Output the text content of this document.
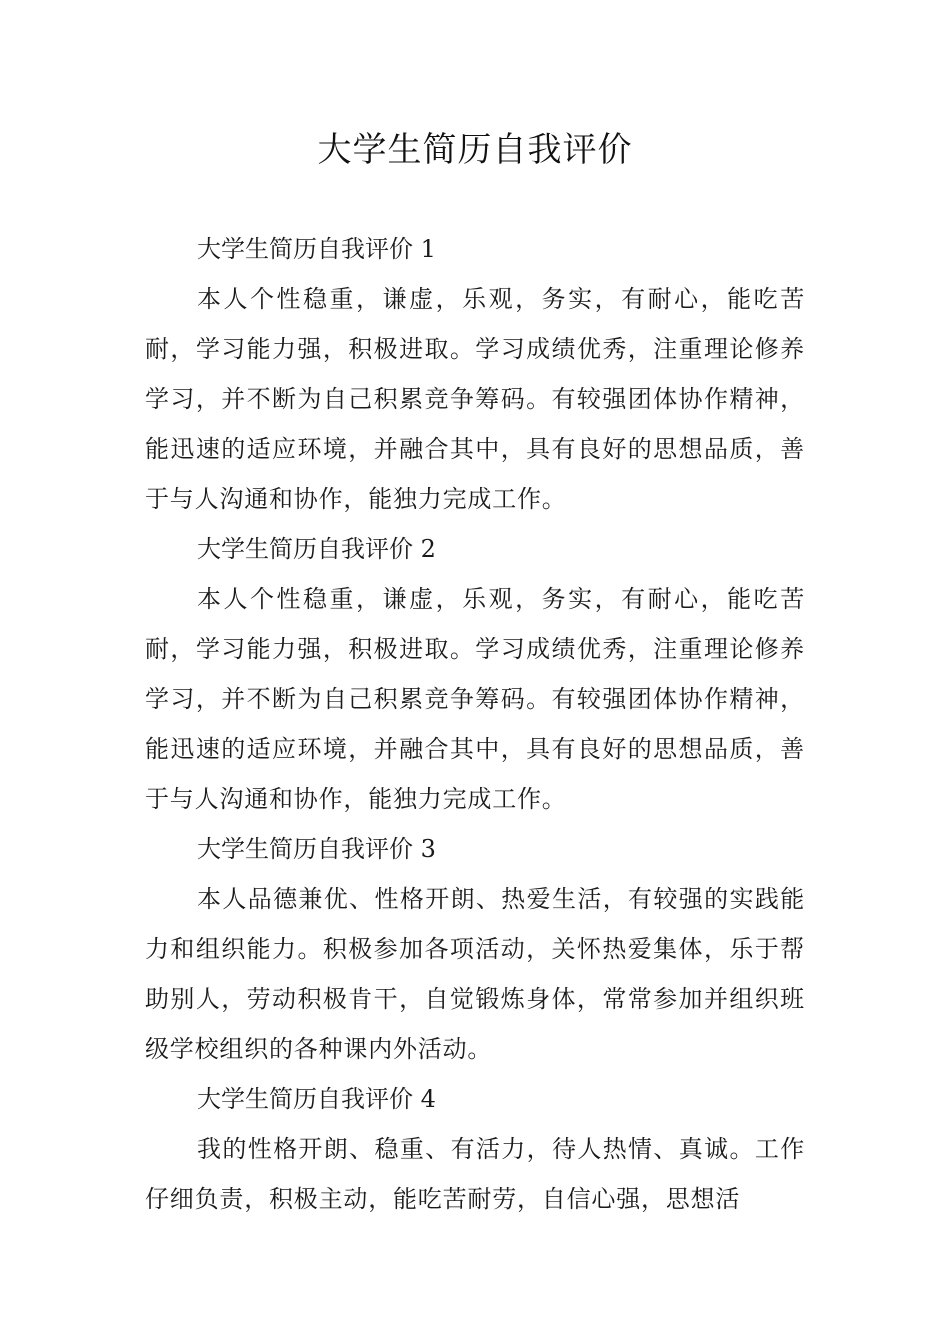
大学生简历自我评价

大学生简历自我评价 1

本人个性稳重，谦虚，乐观，务实，有耐心，能吃苦耐，学习能力强，积极进取。学习成绩优秀，注重理论修养学习，并不断为自己积累竞争筹码。有较强团体协作精神，能迅速的适应环境，并融合其中，具有良好的思想品质，善于与人沟通和协作，能独力完成工作。

大学生简历自我评价 2

本人个性稳重，谦虚，乐观，务实，有耐心，能吃苦耐，学习能力强，积极进取。学习成绩优秀，注重理论修养学习，并不断为自己积累竞争筹码。有较强团体协作精神，能迅速的适应环境，并融合其中，具有良好的思想品质，善于与人沟通和协作，能独力完成工作。

大学生简历自我评价 3

本人品德兼优、性格开朗、热爱生活，有较强的实践能力和组织能力。积极参加各项活动，关怀热爱集体，乐于帮助别人，劳动积极肯干，自觉锻炼身体，常常参加并组织班级学校组织的各种课内外活动。

大学生简历自我评价 4

我的性格开朗、稳重、有活力，待人热情、真诚。工作仔细负责，积极主动，能吃苦耐劳，自信心强，思想活
